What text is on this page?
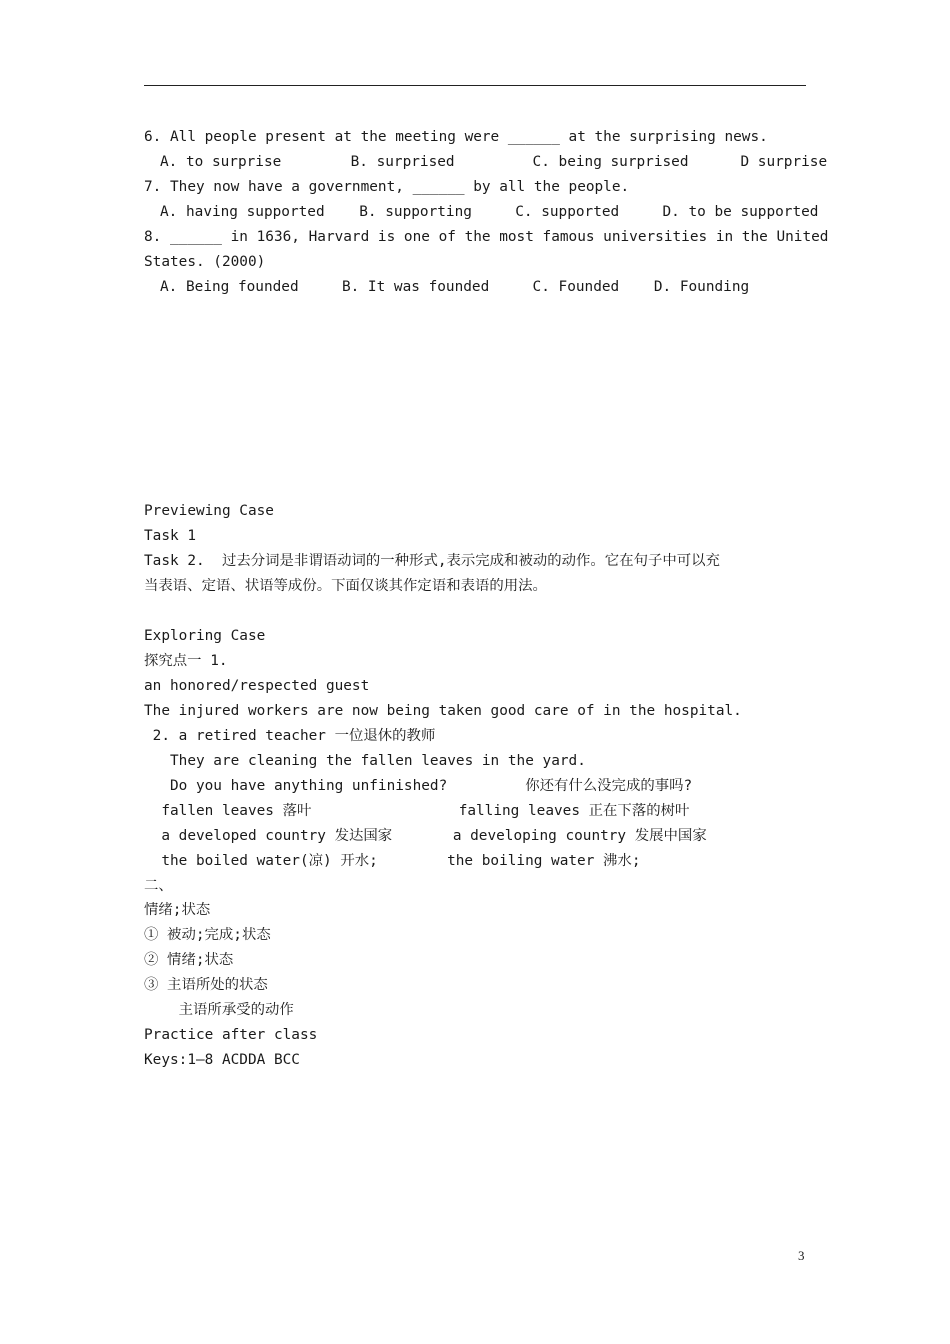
6. All people present at the meeting were ______ at the surprising news.
A. to surprise        B. surprised         C. being surprised      D surprise
7. They now have a government, ______ by all the people.
A. having supported    B. supporting     C. supported     D. to be supported
8. ______ in 1636, Harvard is one of the most famous universities in the United
States. (2000)
A. Being founded     B. It was founded     C. Founded    D. Founding
Previewing Case
Task 1
Task 2.  过去分词是非谓语动词的一种形式,表示完成和被动的动作。它在句子中可以充
当表语、定语、状语等成份。下面仅谈其作定语和表语的用法。
Exploring Case
探究点一 1.
an honored/respected guest
The injured workers are now being taken good care of in the hospital.
2. a retired teacher 一位退休的教师
They are cleaning the fallen leaves in the yard.
Do you have anything unfinished?         你还有什么没完成的事吗?
fallen leaves 落叶                 falling leaves 正在下落的树叶
a developed country 发达国家       a developing country 发展中国家
the boiled water(凉) 开水;        the boiling water 沸水;
二、
情绪;状态
① 被动;完成;状态
② 情绪;状态
③ 主语所处的状态
主语所承受的动作
Practice after class
Keys:1–8 ACDDA BCC
3
